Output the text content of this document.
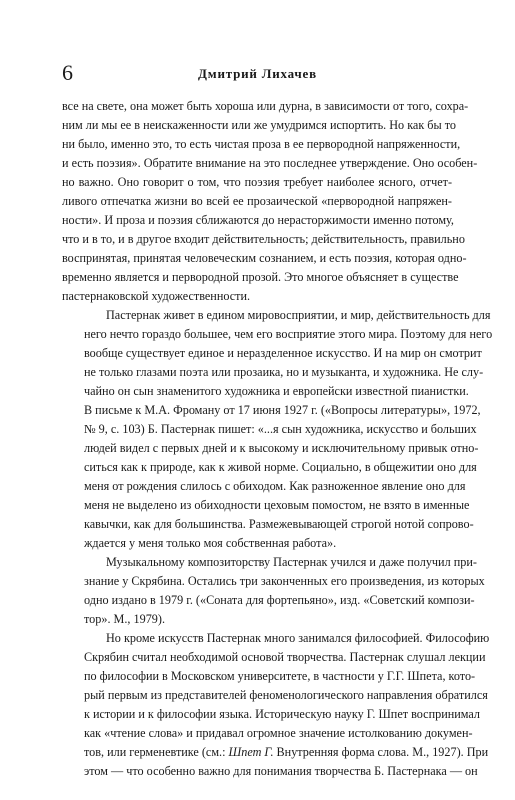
6	Дмитрий Лихачев

все на свете, она может быть хороша или дурна, в зависимости от того, сохра-
ним ли мы ее в неискаженности или же умудримся испортить. Но как бы то
ни было, именно это, то есть чистая проза в ее первородной напряженности,
и есть поэзия». Обратите внимание на это последнее утверждение. Оно особен-
но важно. Оно говорит о том, что поэзия требует наиболее ясного, отчет-
ливого отпечатка жизни во всей ее прозаической «первородной напряжен-
ности». И проза и поэзия сближаются до нерасторжимости именно потому,
что и в то, и в другое входит действительность; действительность, правильно
воспринятая, принятая человеческим сознанием, и есть поэзия, которая одно-
временно является и первородной прозой. Это многое объясняет в существе
пастернаковской художественности.

Пастернак живет в едином мировосприятии, и мир, действительность для
него нечто гораздо большее, чем его восприятие этого мира. Поэтому для него
вообще существует единое и неразделенное искусство. И на мир он смотрит
не только глазами поэта или прозаика, но и музыканта, и художника. Не слу-
чайно он сын знаменитого художника и европейски известной пианистки.
В письме к М.А. Фроману от 17 июня 1927 г. («Вопросы литературы», 1972,
№ 9, с. 103) Б. Пастернак пишет: «...я сын художника, искусство и больших
людей видел с первых дней и к высокому и исключительному привык отно-
ситься как к природе, как к живой норме. Социально, в общежитии оно для
меня от рождения слилось с обиходом. Как разноженное явление оно для
меня не выделено из обиходности цеховым помостом, не взято в именные
кавычки, как для большинства. Размежевывающей строгой нотой сопрово-
ждается у меня только моя собственная работа».

Музыкальному композиторству Пастернак учился и даже получил при-
знание у Скрябина. Остались три законченных его произведения, из которых
одно издано в 1979 г. («Соната для фортепьяно», изд. «Советский компози-
тор». М., 1979).

Но кроме искусств Пастернак много занимался философией. Философию
Скрябин считал необходимой основой творчества. Пастернак слушал лекции
по философии в Московском университете, в частности у Г.Г. Шпета, кото-
рый первым из представителей феноменологического направления обратился
к истории и к философии языка. Историческую науку Г. Шпет воспринимал
как «чтение слова» и придавал огромное значение истолкованию докумен-
тов, или герменевтике (см.: Шпет Г. Внутренняя форма слова. М., 1927). При
этом — что особенно важно для понимания творчества Б. Пастернака — он
